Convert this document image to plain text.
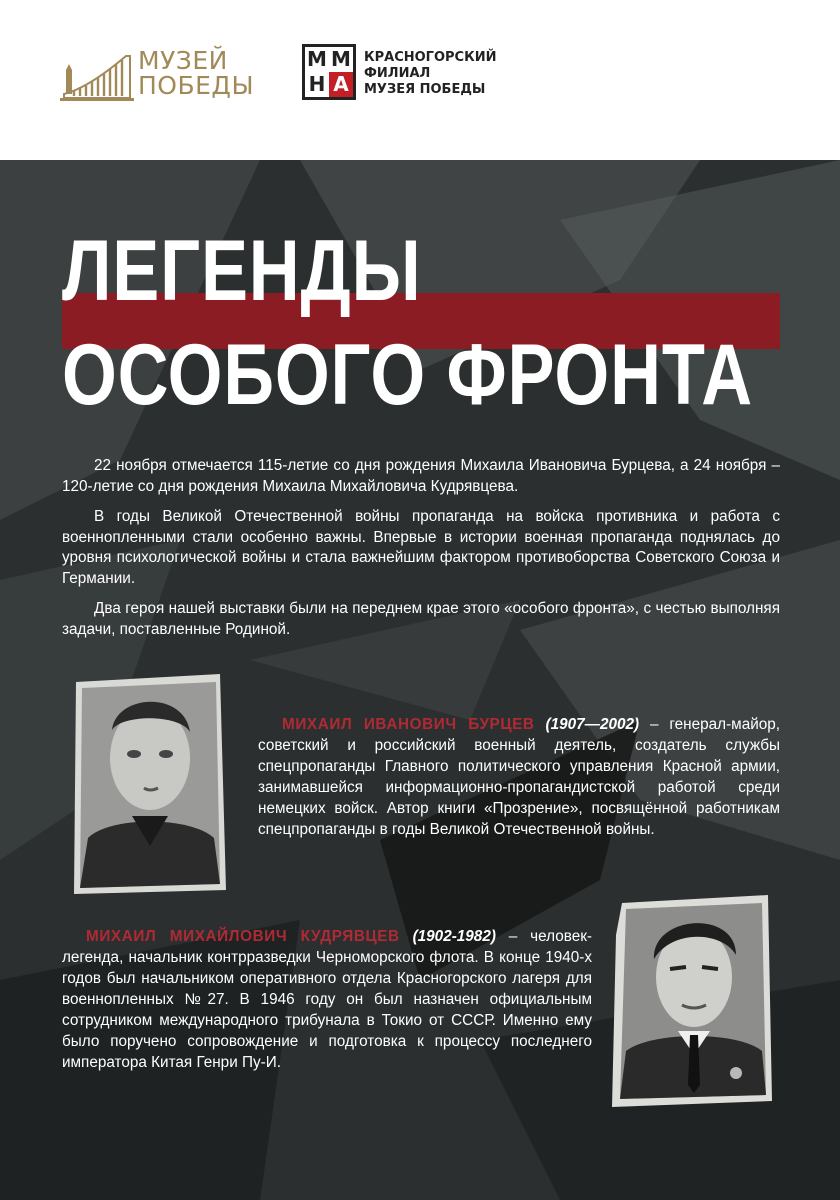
МУЗЕЙ
ПОБЕДЫ
М М
Н А
КРАСНОГОРСКИЙ
ФИЛИАЛ
МУЗЕЯ ПОБЕДЫ
ЛЕГЕНДЫ
ОСОБОГО ФРОНТА

22 ноября отмечается 115-летие со дня рождения Михаила Ивановича Бурцева, а 24 ноября – 120-летие со дня рождения Михаила Михайловича Кудрявцева.

В годы Великой Отечественной войны пропаганда на войска противника и работа с военнопленными стали особенно важны. Впервые в истории военная пропаганда поднялась до уровня психологической войны и стала важнейшим фактором противоборства Советского Союза и Германии.

Два героя нашей выставки были на переднем крае этого «особого фронта», с честью выполняя задачи, поставленные Родиной.

МИХАИЛ ИВАНОВИЧ БУРЦЕВ (1907—2002) – генерал-майор, советский и российский военный деятель, создатель службы спецпропаганды Главного политического управления Красной армии, занимавшейся информационно-пропагандистской работой среди немецких войск. Автор книги «Прозрение», посвящённой работникам спецпропаганды в годы Великой Отечественной войны.
МИХАИЛ МИХАЙЛОВИЧ КУДРЯВЦЕВ (1902-1982) – человек-легенда, начальник контрразведки Черноморского флота. В конце 1940-х годов был начальником оперативного отдела Красногорского лагеря для военнопленных №27. В 1946 году он был назначен официальным сотрудником международного трибунала в Токио от СССР. Именно ему было поручено сопровождение и подготовка к процессу последнего императора Китая Генри Пу-И.
